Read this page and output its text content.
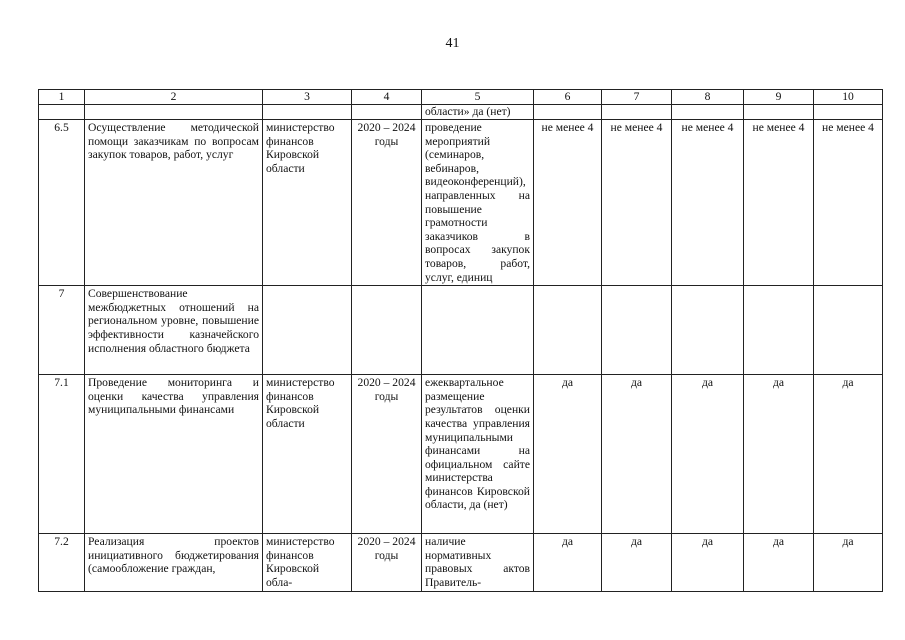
41
1	2	3	4	5	6	7	8	9	10
				области» да (нет)					
6.5	Осуществление методической помощи заказчикам по вопросам закупок товаров, работ, услуг	министерство финансов Кировской области	2020 – 2024 годы	проведение мероприятий (семинаров, вебинаров, видеоконференций), направленных на повышение грамотности заказчиков в вопросах закупок товаров, работ, услуг, единиц	не менее 4	не менее 4	не менее 4	не менее 4	не менее 4
7	Совершенствование межбюджетных отношений на региональном уровне, повышение эффективности казначейского исполнения областного бюджета								
7.1	Проведение мониторинга и оценки качества управления муниципальными финансами	министерство финансов Кировской области	2020 – 2024 годы	ежеквартальное размещение результатов оценки качества управления муниципальными финансами на официальном сайте министерства финансов Кировской области, да (нет)	да	да	да	да	да
7.2	Реализация проектов инициативного бюджетирования (самообложение граждан,	министерство финансов Кировской обла-	2020 – 2024 годы	наличие нормативных правовых актов Правитель-	да	да	да	да	да
